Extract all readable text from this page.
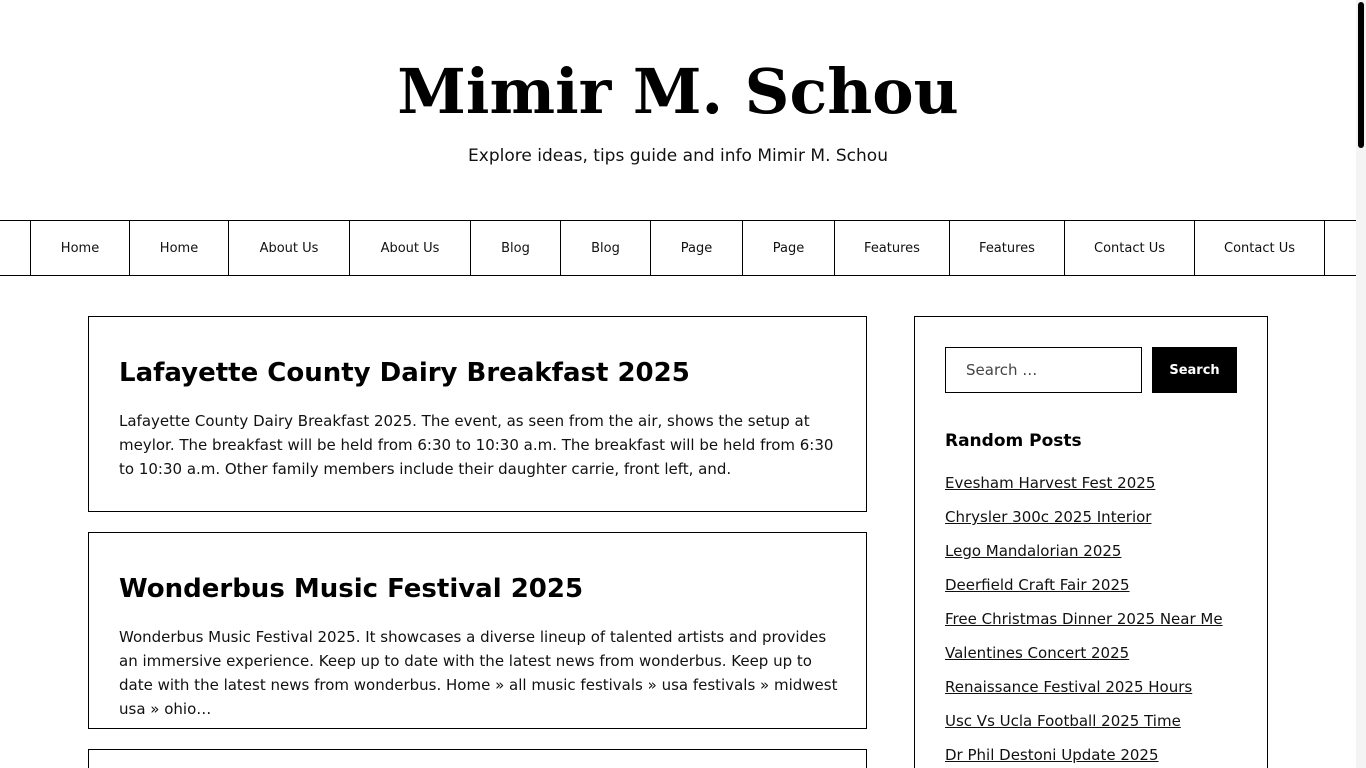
Mimir M. Schou

Explore ideas, tips guide and info Mimir M. Schou

Home	Home	About Us	About Us	Blog	Blog	Page	Page	Features	Features	Contact Us	Contact Us
Lafayette County Dairy Breakfast 2025

Lafayette County Dairy Breakfast 2025. The event, as seen from the air, shows the setup at meylor. The breakfast will be held from 6:30 to 10:30 a.m. The breakfast will be held from 6:30 to 10:30 a.m. Other family members include their daughter carrie, front left, and.

Wonderbus Music Festival 2025

Wonderbus Music Festival 2025. It showcases a diverse lineup of talented artists and provides an immersive experience. Keep up to date with the latest news from wonderbus. Keep up to date with the latest news from wonderbus. Home » all music festivals » usa festivals » midwest usa » ohio…

Search …
Search
Random Posts
Evesham Harvest Fest 2025
Chrysler 300c 2025 Interior
Lego Mandalorian 2025
Deerfield Craft Fair 2025
Free Christmas Dinner 2025 Near Me
Valentines Concert 2025
Renaissance Festival 2025 Hours
Usc Vs Ucla Football 2025 Time
Dr Phil Destoni Update 2025
